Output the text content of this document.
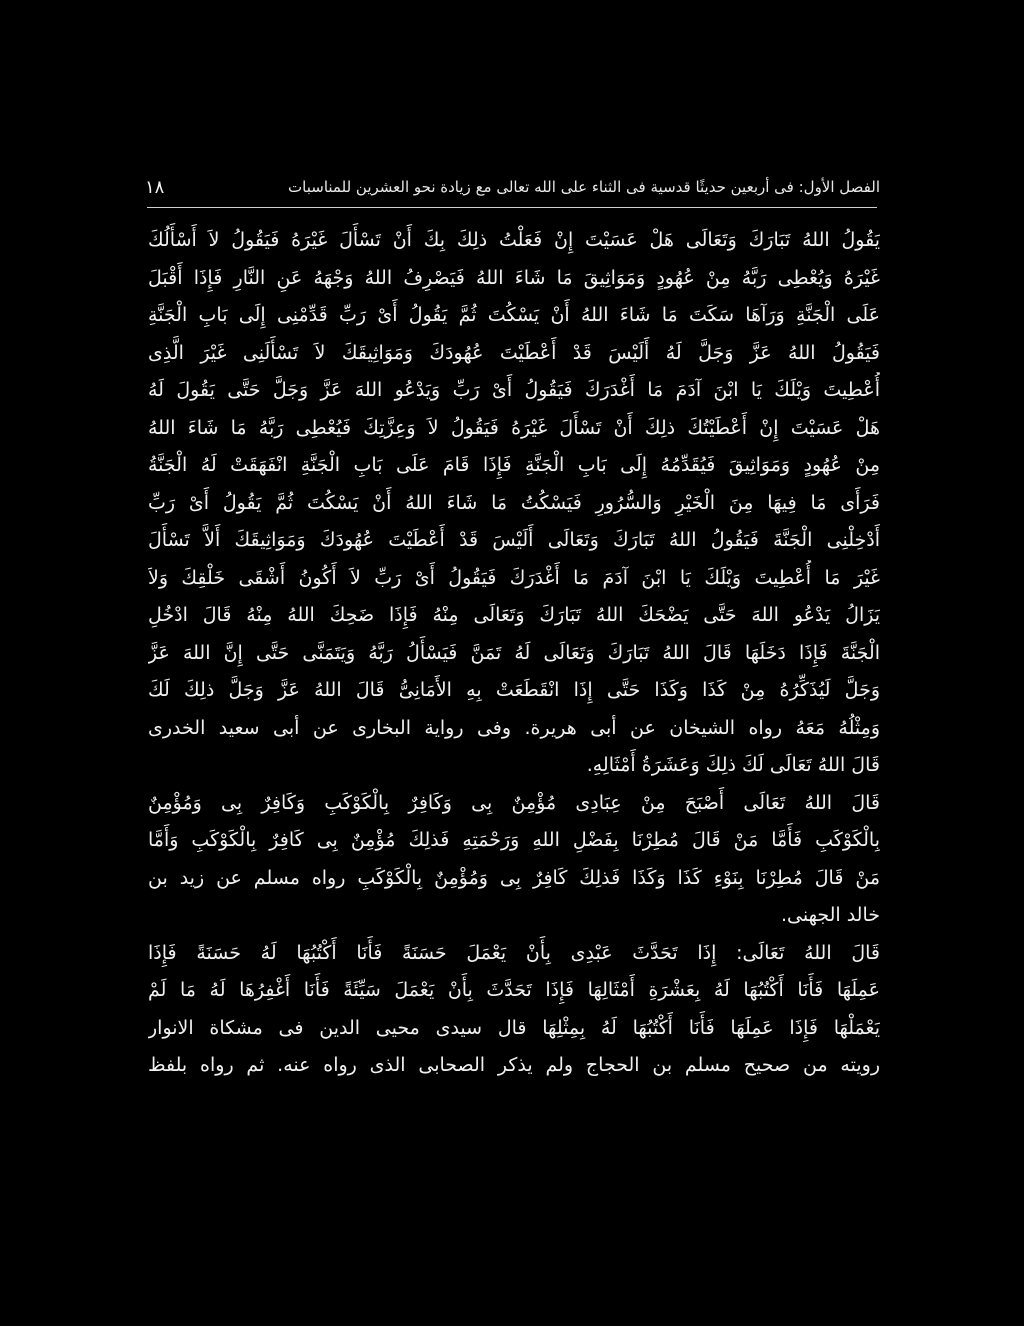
١٨	الفصل الأول: فى أربعين حديثًا قدسية فى الثناء على الله تعالى مع زيادة نحو العشرين للمناسبات
يَقُولُ اللهُ تَبَارَكَ وَتَعَالَى هَلْ عَسَيْتَ إِنْ فَعَلْتُ ذلِكَ بِكَ أَنْ تَسْأَلَ غَيْرَهُ فَيَقُولُ لاَ أَسْأَلُكَ
غَيْرَهُ وَيُعْطِى رَبَّهُ مِنْ عُهُودٍ وَمَوَاثِيقَ مَا شَاءَ اللهُ فَيَصْرِفُ اللهُ وَجْهَهُ عَنِ النَّارِ فَإِذَا أَقْبَلَ
عَلَى الْجَنَّةِ وَرَآهَا سَكَتَ مَا شَاءَ اللهُ أَنْ يَسْكُتَ ثُمَّ يَقُولُ أَىْ رَبِّ قَدِّمْنِى إِلَى بَابِ الْجَنَّةِ
فَيَقُولُ اللهُ عَزَّ وَجَلَّ لَهُ أَلَيْسَ قَدْ أَعْطَيْتَ عُهُودَكَ وَمَوَاثِيقَكَ لاَ تَسْأَلَنِى غَيْرَ الَّذِى
أُعْطِيتَ وَيْلَكَ يَا ابْنَ آدَمَ مَا أَغْدَرَكَ فَيَقُولُ أَىْ رَبِّ وَيَدْعُو اللهَ عَزَّ وَجَلَّ حَتَّى يَقُولَ لَهُ
هَلْ عَسَيْتَ إِنْ أَعْطَيْتُكَ ذلِكَ أَنْ تَسْأَلَ غَيْرَهُ فَيَقُولُ لاَ وَعِزَّتِكَ فَيُعْطِى رَبَّهُ مَا شَاءَ اللهُ
مِنْ عُهُودٍ وَمَوَاثِيقَ فَيُقَدِّمُهُ إِلَى بَابِ الْجَنَّةِ فَإِذَا قَامَ عَلَى بَابِ الْجَنَّةِ انْفَهَقَتْ لَهُ الْجَنَّةُ
فَرَأَى مَا فِيهَا مِنَ الْخَيْرِ وَالسُّرُورِ فَيَسْكُتُ مَا شَاءَ اللهُ أَنْ يَسْكُتَ ثُمَّ يَقُولُ أَىْ رَبِّ
أَدْخِلْنِى الْجَنَّةَ فَيَقُولُ اللهُ تَبَارَكَ وَتَعَالَى أَلَيْسَ قَدْ أَعْطَيْتَ عُهُودَكَ وَمَوَاثِيقَكَ أَلاَّ تَسْأَلَ
غَيْرَ مَا أُعْطِيتَ وَيْلَكَ يَا ابْنَ آدَمَ مَا أَغْدَرَكَ فَيَقُولُ أَىْ رَبِّ لاَ أَكُونُ أَشْقَى خَلْقِكَ وَلاَ
يَزَالُ يَدْعُو اللهَ حَتَّى يَضْحَكَ اللهُ تَبَارَكَ وَتَعَالَى مِنْهُ فَإِذَا ضَحِكَ اللهُ مِنْهُ قَالَ ادْخُلِ
الْجَنَّةَ فَإِذَا دَخَلَهَا قَالَ اللهُ تَبَارَكَ وَتَعَالَى لَهُ تَمَنَّ فَيَسْأَلُ رَبَّهُ وَيَتَمَنَّى حَتَّى إِنَّ اللهَ عَزَّ
وَجَلَّ لَيُذَكِّرُهُ مِنْ كَذَا وَكَذَا حَتَّى إِذَا انْقَطَعَتْ بِهِ الأَمَانِىُّ قَالَ اللهُ عَزَّ وَجَلَّ ذلِكَ لَكَ
وَمِثْلُهُ مَعَهُ رواه الشيخان عن أبى هريرة. وفى رواية البخارى عن أبى سعيد الخدرى
قَالَ اللهُ تَعَالَى لَكَ ذلِكَ وَعَشَرَةُ أَمْثَالِهِ.
قَالَ اللهُ تَعَالَى أَصْبَحَ مِنْ عِبَادِى مُؤْمِنٌ بِى وَكَافِرٌ بِالْكَوْكَبِ وَكَافِرٌ بِى وَمُؤْمِنٌ
بِالْكَوْكَبِ فَأَمَّا مَنْ قَالَ مُطِرْنَا بِفَضْلِ اللهِ وَرَحْمَتِهِ فَذلِكَ مُؤْمِنٌ بِى كَافِرٌ بِالْكَوْكَبِ وَأَمَّا
مَنْ قَالَ مُطِرْنَا بِنَوْءِ كَذَا وَكَذَا فَذلِكَ كَافِرٌ بِى وَمُؤْمِنٌ بِالْكَوْكَبِ رواه مسلم عن زيد بن
خالد الجهنى.
قَالَ اللهُ تَعَالَى: إِذَا تَحَدَّثَ عَبْدِى بِأَنْ يَعْمَلَ حَسَنَةً فَأَنَا أَكْتُبُهَا لَهُ حَسَنَةً فَإِذَا
عَمِلَهَا فَأَنَا أَكْتُبُهَا لَهُ بِعَشْرَةِ أَمْثَالِهَا فَإِذَا تَحَدَّثَ بِأَنْ يَعْمَلَ سَيِّئَةً فَأَنَا أَغْفِرُهَا لَهُ مَا لَمْ
يَعْمَلْهَا فَإِذَا عَمِلَهَا فَأَنَا أَكْتُبُهَا لَهُ بِمِثْلِهَا قال سيدى محيى الدين فى مشكاة الانوار
رويته من صحيح مسلم بن الحجاج ولم يذكر الصحابى الذى رواه عنه. ثم رواه بلفظ
